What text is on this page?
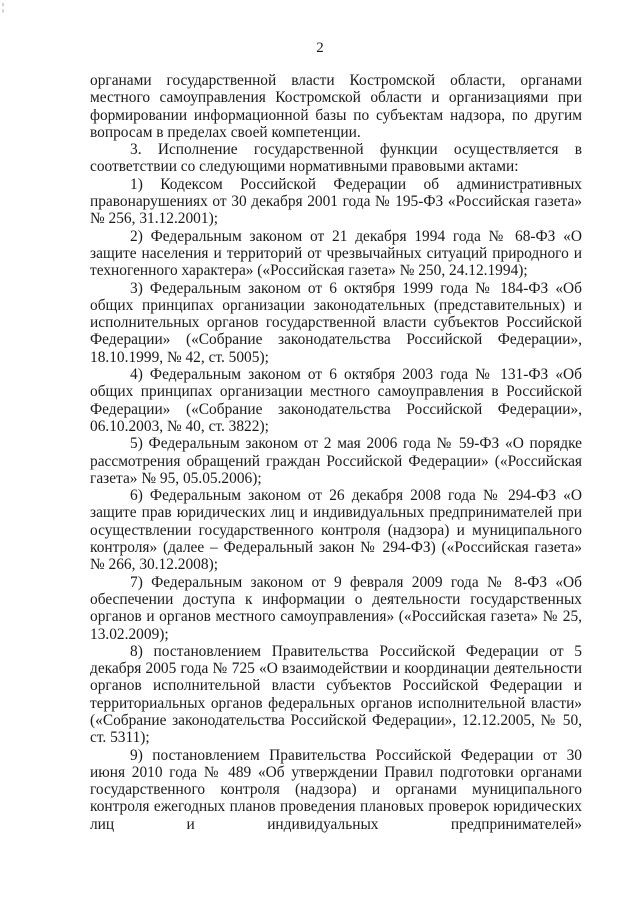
¦
2

органами государственной власти Костромской области, органами местного самоуправления Костромской области и организациями при формировании информационной базы по субъектам надзора, по другим вопросам в пределах своей компетенции.

3. Исполнение государственной функции осуществляется в соответствии со следующими нормативными правовыми актами:

1) Кодексом Российской Федерации об административных правонарушениях от 30 декабря 2001 года № 195-ФЗ «Российская газета» № 256, 31.12.2001);

2) Федеральным законом от 21 декабря 1994 года № 68-ФЗ «О защите населения и территорий от чрезвычайных ситуаций природного и техногенного характера» («Российская газета» № 250, 24.12.1994);

3) Федеральным законом от 6 октября 1999 года № 184-ФЗ «Об общих принципах организации законодательных (представительных) и исполнительных органов государственной власти субъектов Российской Федерации» («Собрание законодательства Российской Федерации», 18.10.1999, № 42, ст. 5005);

4) Федеральным законом от 6 октября 2003 года № 131-ФЗ «Об общих принципах организации местного самоуправления в Российской Федерации» («Собрание законодательства Российской Федерации», 06.10.2003, № 40, ст. 3822);

5) Федеральным законом от 2 мая 2006 года № 59-ФЗ «О порядке рассмотрения обращений граждан Российской Федерации» («Российская газета» № 95, 05.05.2006);

6) Федеральным законом от 26 декабря 2008 года № 294-ФЗ «О защите прав юридических лиц и индивидуальных предпринимателей при осуществлении государственного контроля (надзора) и муниципального контроля» (далее – Федеральный закон № 294-ФЗ) («Российская газета» № 266, 30.12.2008);

7) Федеральным законом от 9 февраля 2009 года № 8-ФЗ «Об обеспечении доступа к информации о деятельности государственных органов и органов местного самоуправления» («Российская газета» № 25, 13.02.2009);

8) постановлением Правительства Российской Федерации от 5 декабря 2005 года № 725 «О взаимодействии и координации деятельности органов исполнительной власти субъектов Российской Федерации и территориальных органов федеральных органов исполнительной власти» («Собрание законодательства Российской Федерации», 12.12.2005, № 50, ст. 5311);

9) постановлением Правительства Российской Федерации от 30 июня 2010 года № 489 «Об утверждении Правил подготовки органами государственного контроля (надзора) и органами муниципального контроля ежегодных планов проведения плановых проверок юридических лиц и индивидуальных предпринимателей»
